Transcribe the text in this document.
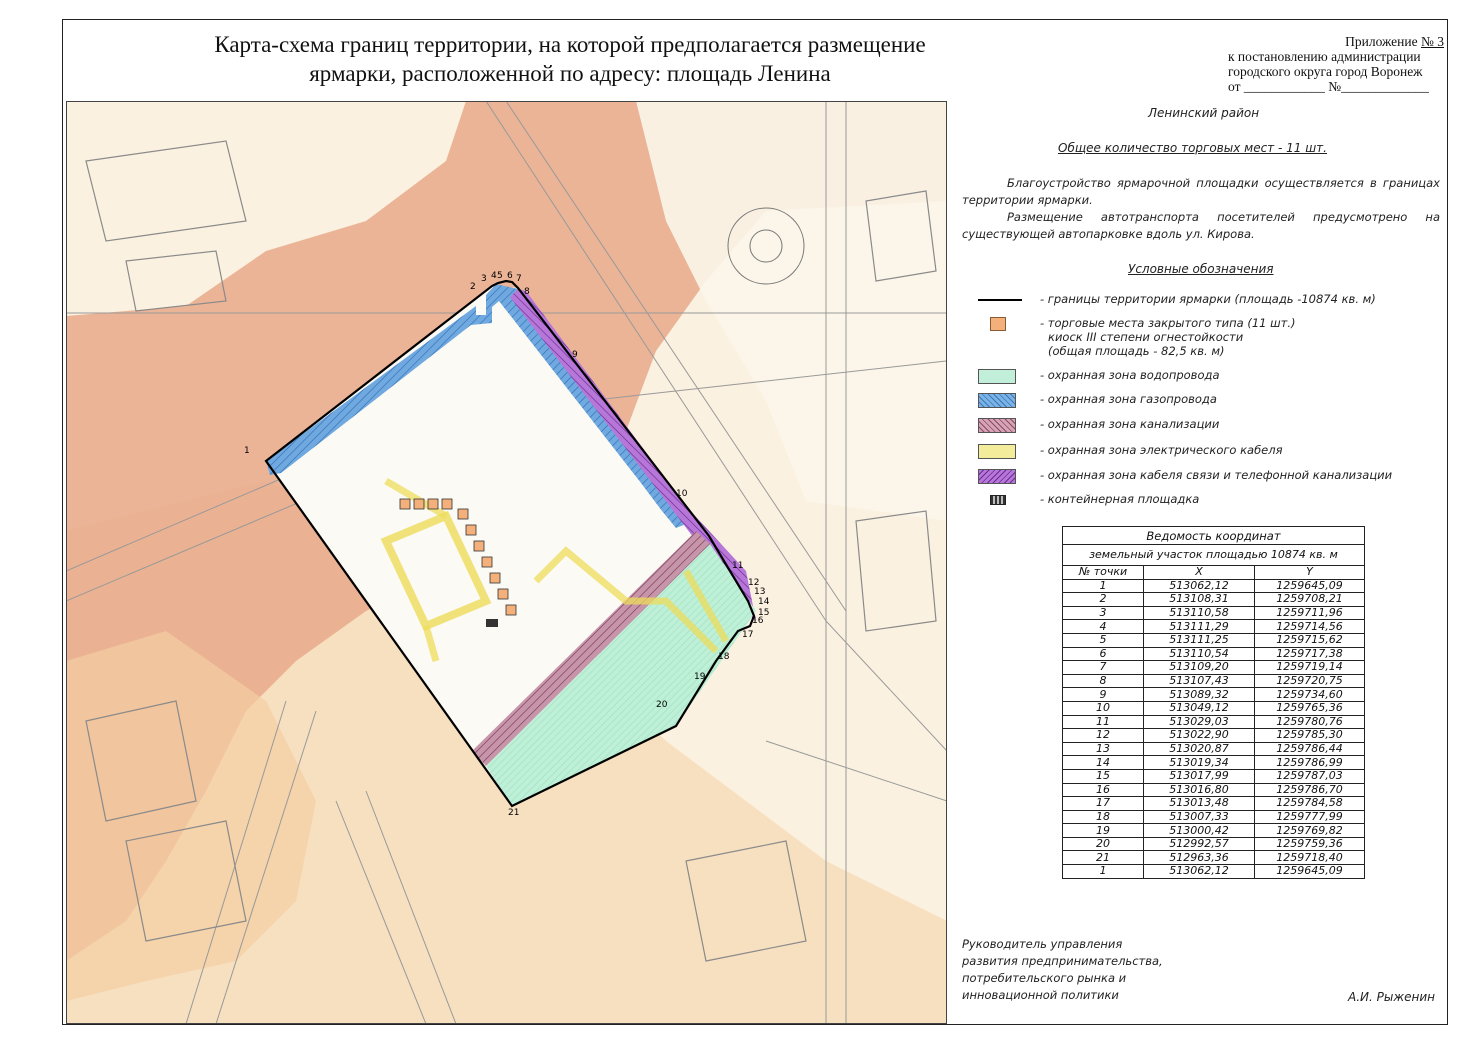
Карта-схема границ территории, на которой предполагается размещение
ярмарки, расположенной по адресу: площадь Ленина
Приложение № 3
к постановлению администрации
городского округа город Воронеж
от ____________ №_____________
1
2
3 4 5 6 7
8
9
10
11
12
13
14
15
16
17
18
19
20
21
Ленинский район
Общее количество торговых мест - 11 шт.

Благоустройство ярмарочной площадки осуществляется в границах территории ярмарки.

Размещение автотранспорта посетителей предусмотрено на существующей автопарковке вдоль ул. Кирова.

Условные обозначения
- границы территории ярмарки (площадь -10874 кв. м)
- торговые места закрытого типа (11 шт.)
киоск III степени огнестойкости
(общая площадь - 82,5 кв. м)
- охранная зона водопровода
- охранная зона газопровода
- охранная зона канализации
- охранная зона электрического кабеля
- охранная зона кабеля связи и телефонной канализации
- контейнерная площадка
Ведомость координат		
земельный участок площадью 10874 кв. м		
№ точки	X	Y
1	513062,12	1259645,09
2	513108,31	1259708,21
3	513110,58	1259711,96
4	513111,29	1259714,56
5	513111,25	1259715,62
6	513110,54	1259717,38
7	513109,20	1259719,14
8	513107,43	1259720,75
9	513089,32	1259734,60
10	513049,12	1259765,36
11	513029,03	1259780,76
12	513022,90	1259785,30
13	513020,87	1259786,44
14	513019,34	1259786,99
15	513017,99	1259787,03
16	513016,80	1259786,70
17	513013,48	1259784,58
18	513007,33	1259777,99
19	513000,42	1259769,82
20	512992,57	1259759,36
21	512963,36	1259718,40
1	513062,12	1259645,09
Руководитель управления
развития предпринимательства,
потребительского рынка и
инновационной политики	А.И. Рыженин
